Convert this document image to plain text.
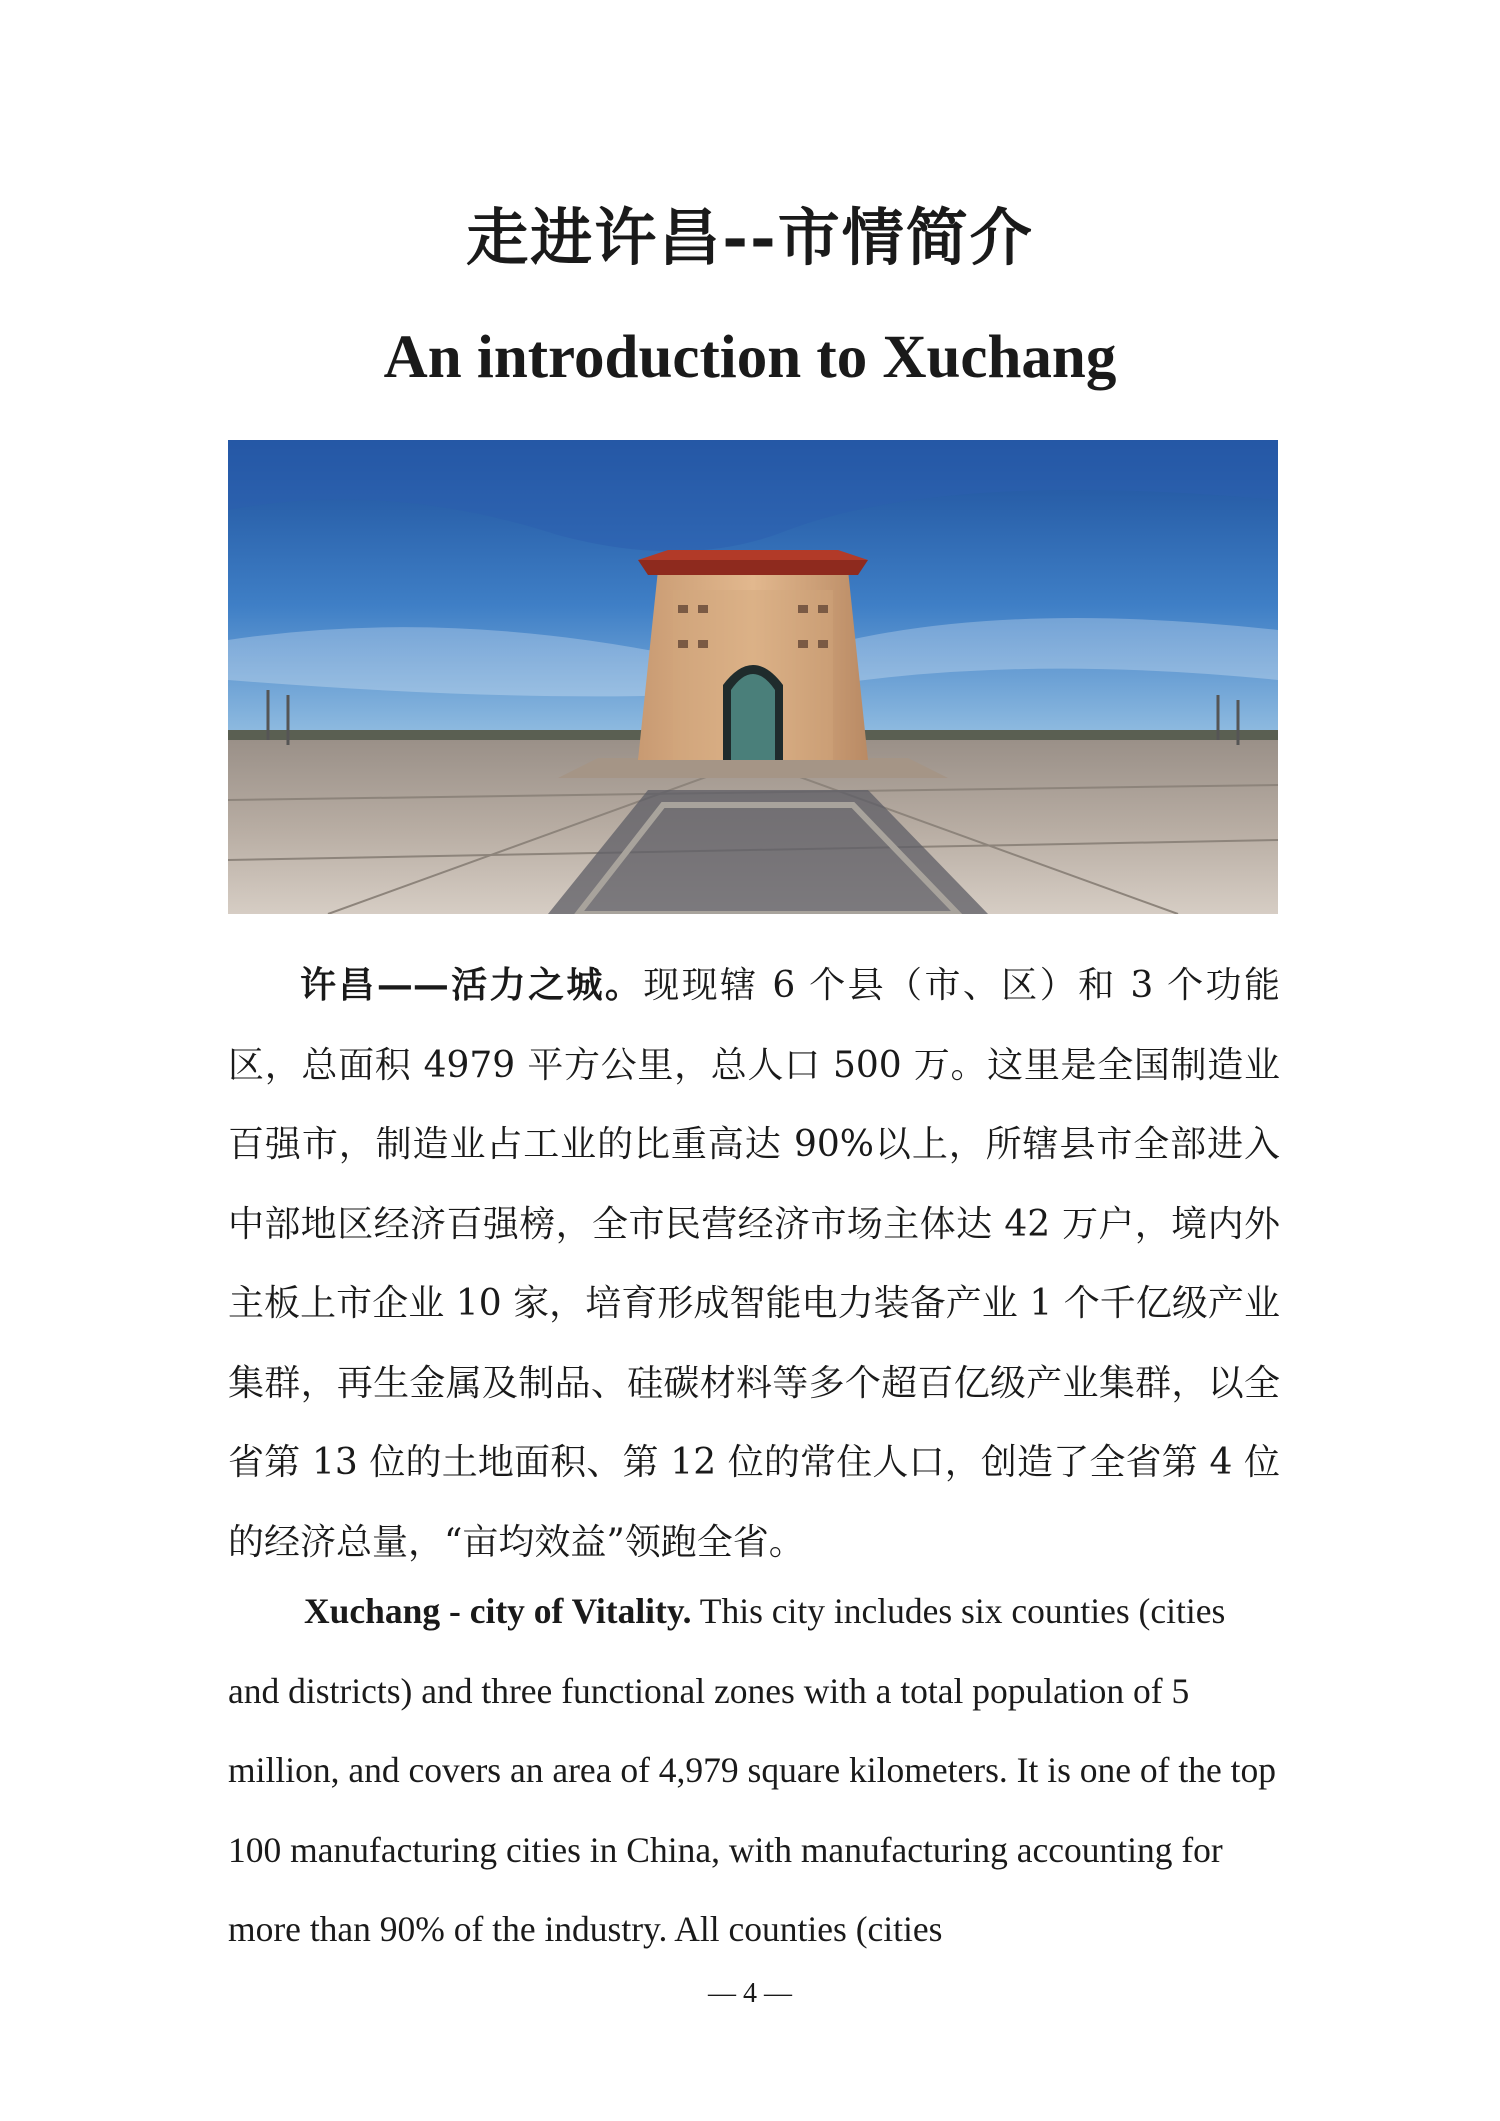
走进许昌--市情简介
An introduction to Xuchang

许昌——活力之城。现现辖 6 个县（市、区）和 3 个功能区，总面积 4979 平方公里，总人口 500 万。这里是全国制造业百强市，制造业占工业的比重高达 90%以上，所辖县市全部进入中部地区经济百强榜，全市民营经济市场主体达 42 万户，境内外主板上市企业 10 家，培育形成智能电力装备产业 1 个千亿级产业集群，再生金属及制品、硅碳材料等多个超百亿级产业集群，以全省第 13 位的土地面积、第 12 位的常住人口，创造了全省第 4 位的经济总量，“亩均效益”领跑全省。

Xuchang - city of Vitality. This city includes six counties (cities and districts) and three functional zones with a total population of 5 million, and covers an area of 4,979 square kilometers. It is one of the top 100 manufacturing cities in China, with manufacturing accounting for more than 90% of the industry. All counties (cities

— 4 —
